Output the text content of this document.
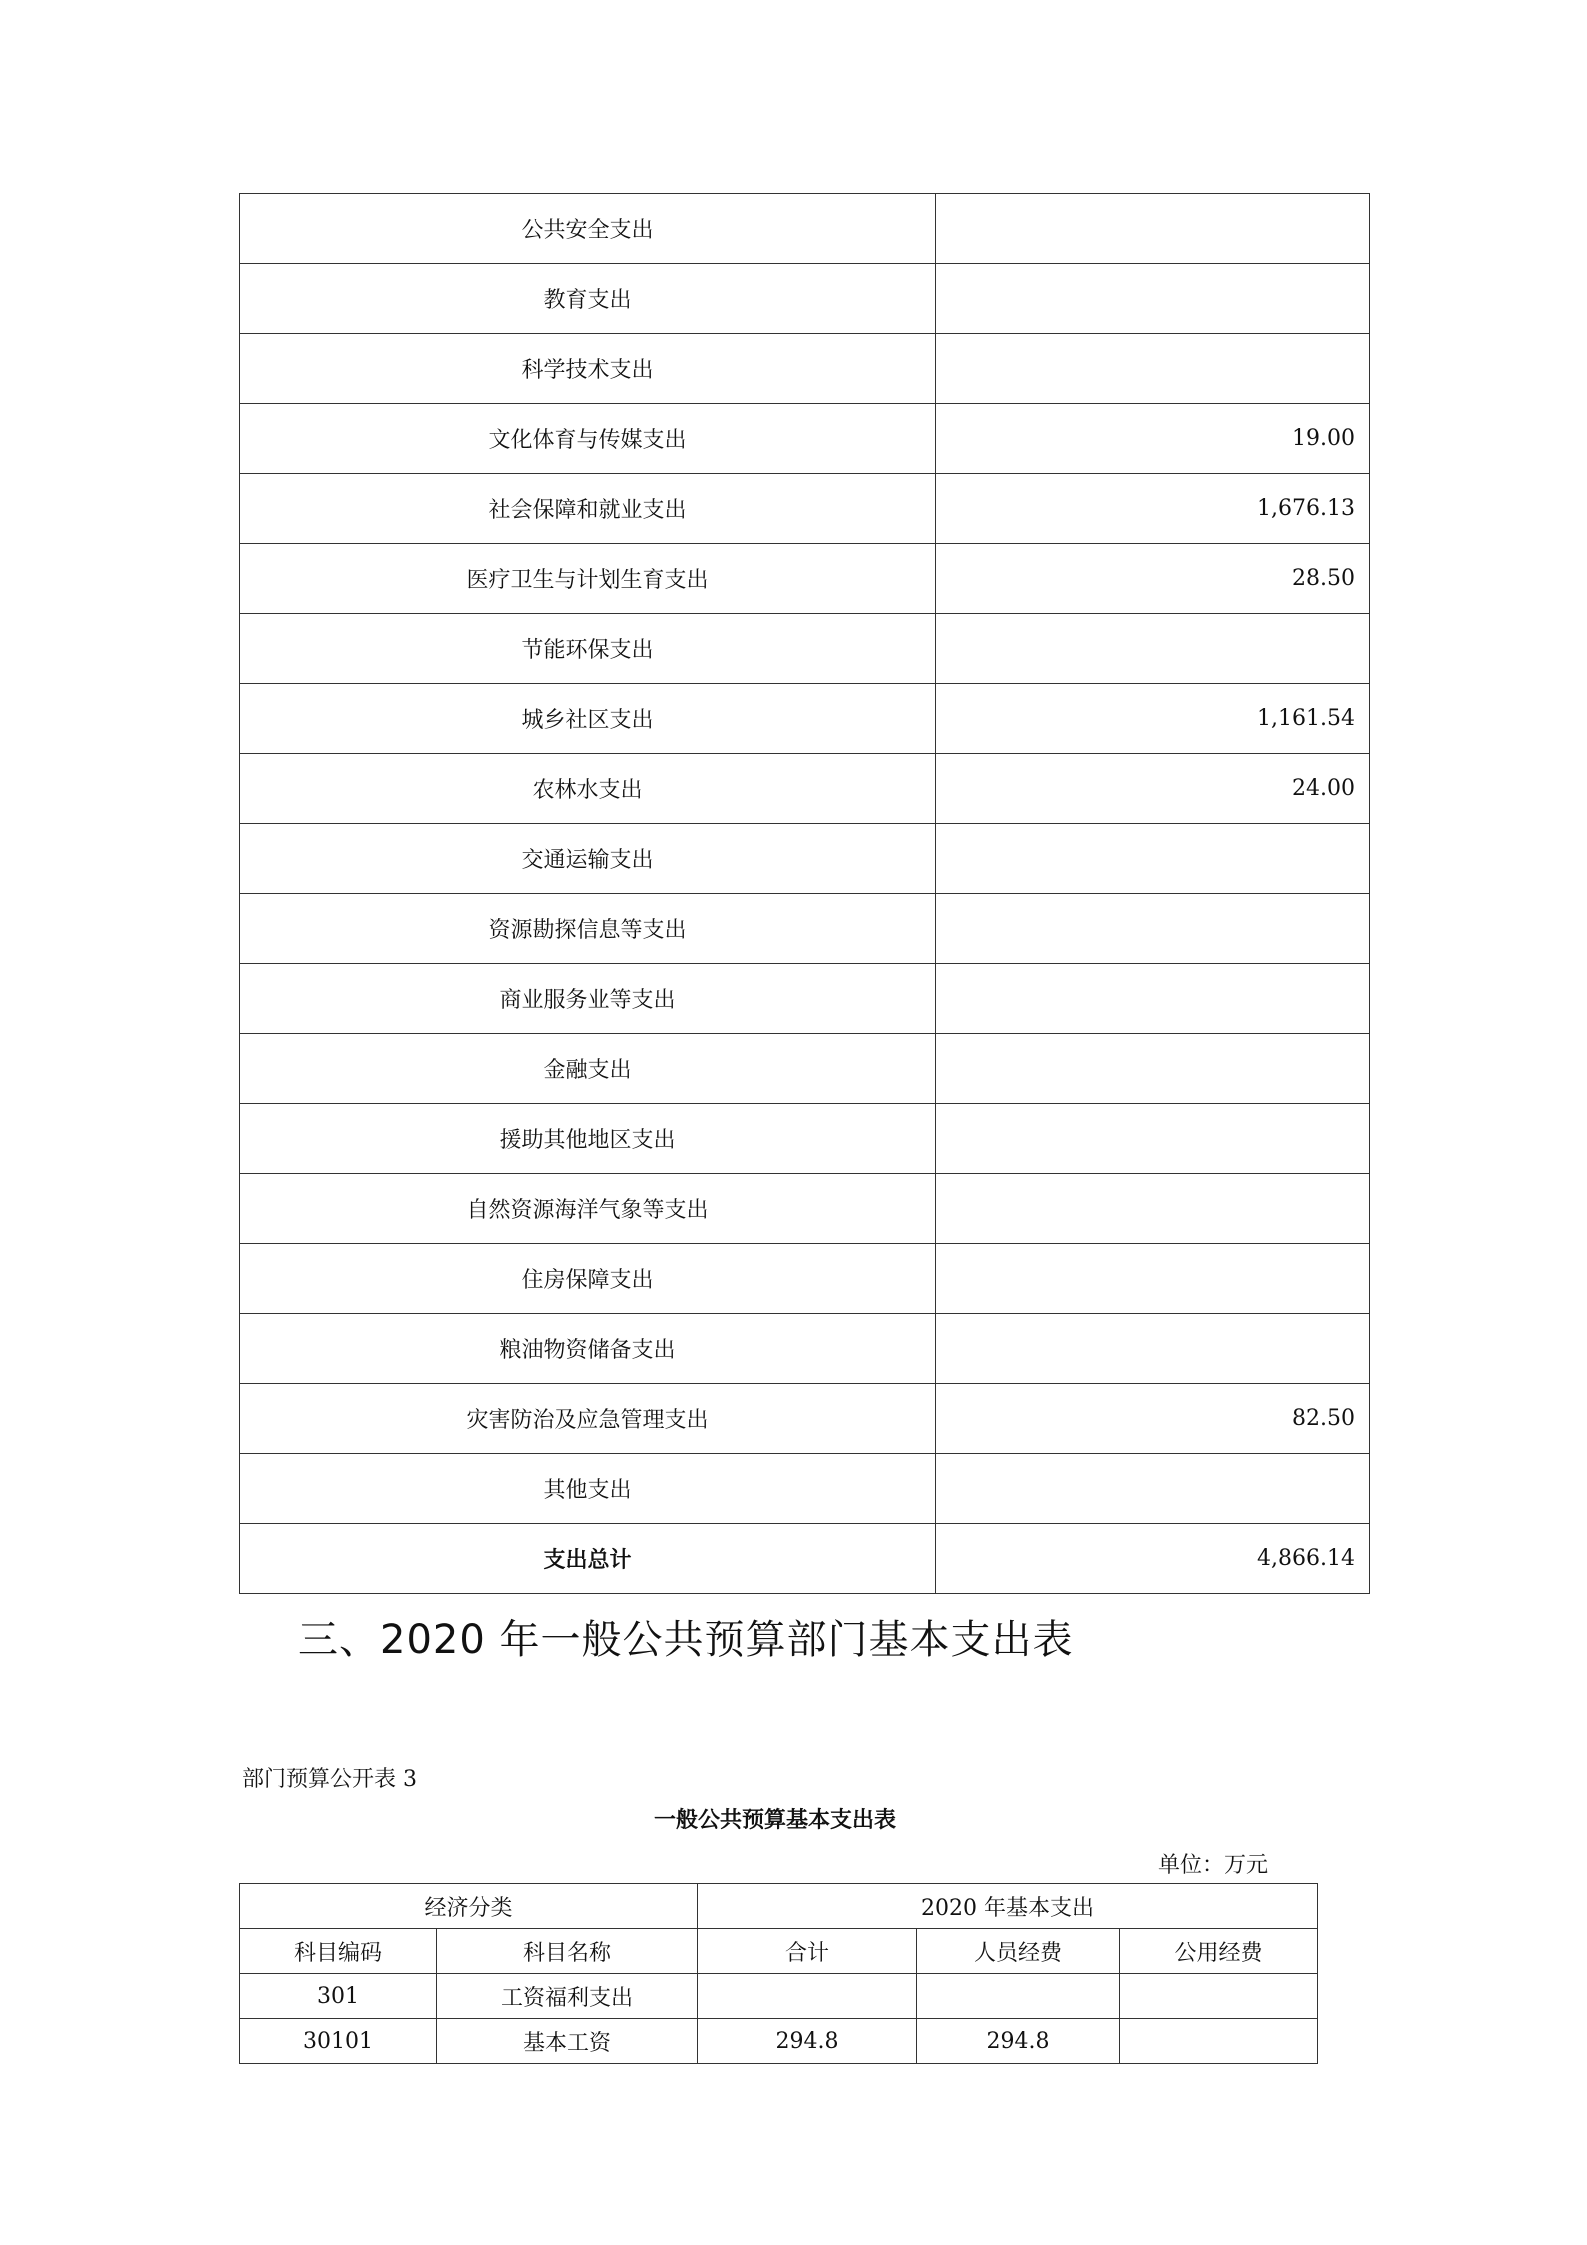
公共安全支出	
教育支出	
科学技术支出	
文化体育与传媒支出	19.00
社会保障和就业支出	1,676.13
医疗卫生与计划生育支出	28.50
节能环保支出	
城乡社区支出	1,161.54
农林水支出	24.00
交通运输支出	
资源勘探信息等支出	
商业服务业等支出	
金融支出	
援助其他地区支出	
自然资源海洋气象等支出	
住房保障支出	
粮油物资储备支出	
灾害防治及应急管理支出	82.50
其他支出	
支出总计	4,866.14
三、2020 年一般公共预算部门基本支出表
部门预算公开表 3
一般公共预算基本支出表
单位：万元
经济分类		2020 年基本支出		
科目编码	科目名称	合计	人员经费	公用经费
301	工资福利支出			
30101	基本工资	294.8	294.8	
